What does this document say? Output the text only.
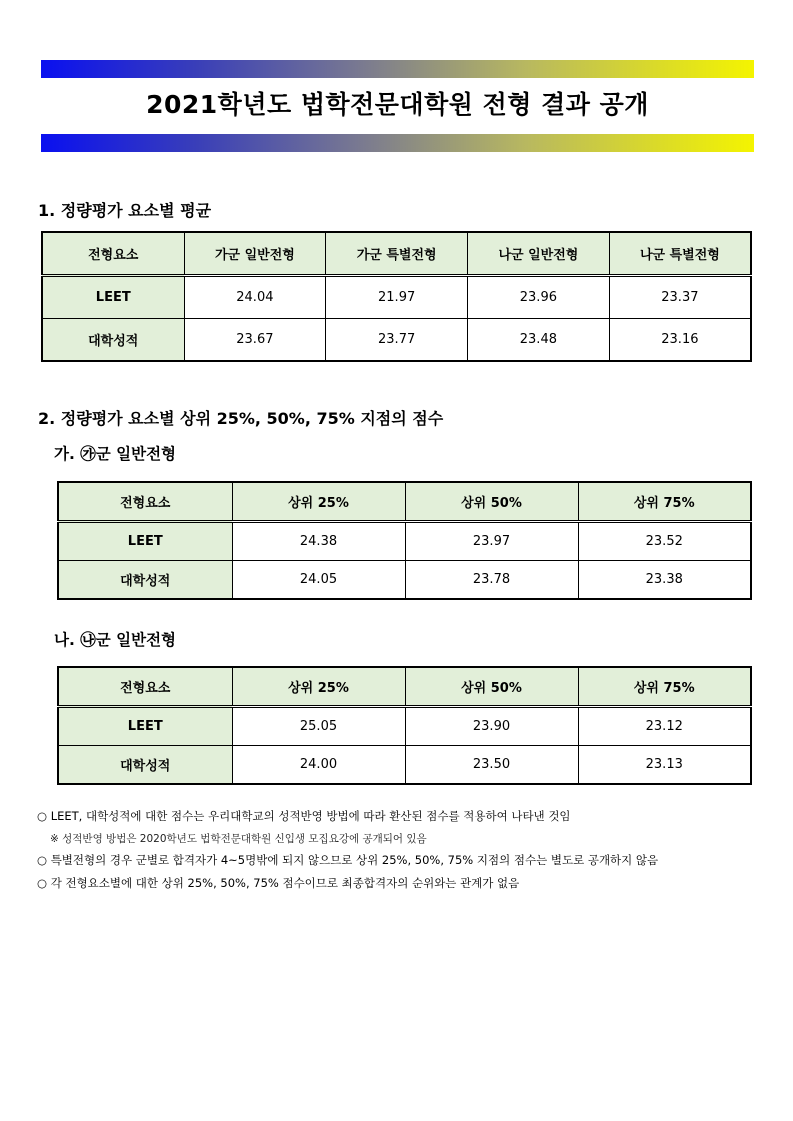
2021학년도 법학전문대학원 전형 결과 공개
1. 정량평가 요소별 평균
전형요소	가군 일반전형	가군 특별전형	나군 일반전형	나군 특별전형
LEET	24.04	21.97	23.96	23.37
대학성적	23.67	23.77	23.48	23.16
2. 정량평가 요소별 상위 25%, 50%, 75% 지점의 점수
가. ㉮군 일반전형
전형요소	상위 25%	상위 50%	상위 75%
LEET	24.38	23.97	23.52
대학성적	24.05	23.78	23.38
나. ㉯군 일반전형
전형요소	상위 25%	상위 50%	상위 75%
LEET	25.05	23.90	23.12
대학성적	24.00	23.50	23.13
○ LEET, 대학성적에 대한 점수는 우리대학교의 성적반영 방법에 따라 환산된 점수를 적용하여 나타낸 것임
※ 성적반영 방법은 2020학년도 법학전문대학원 신입생 모집요강에 공개되어 있음
○ 특별전형의 경우 군별로 합격자가 4~5명밖에 되지 않으므로 상위 25%, 50%, 75% 지점의 점수는 별도로 공개하지 않음
○ 각 전형요소별에 대한 상위 25%, 50%, 75% 점수이므로 최종합격자의 순위와는 관계가 없음
